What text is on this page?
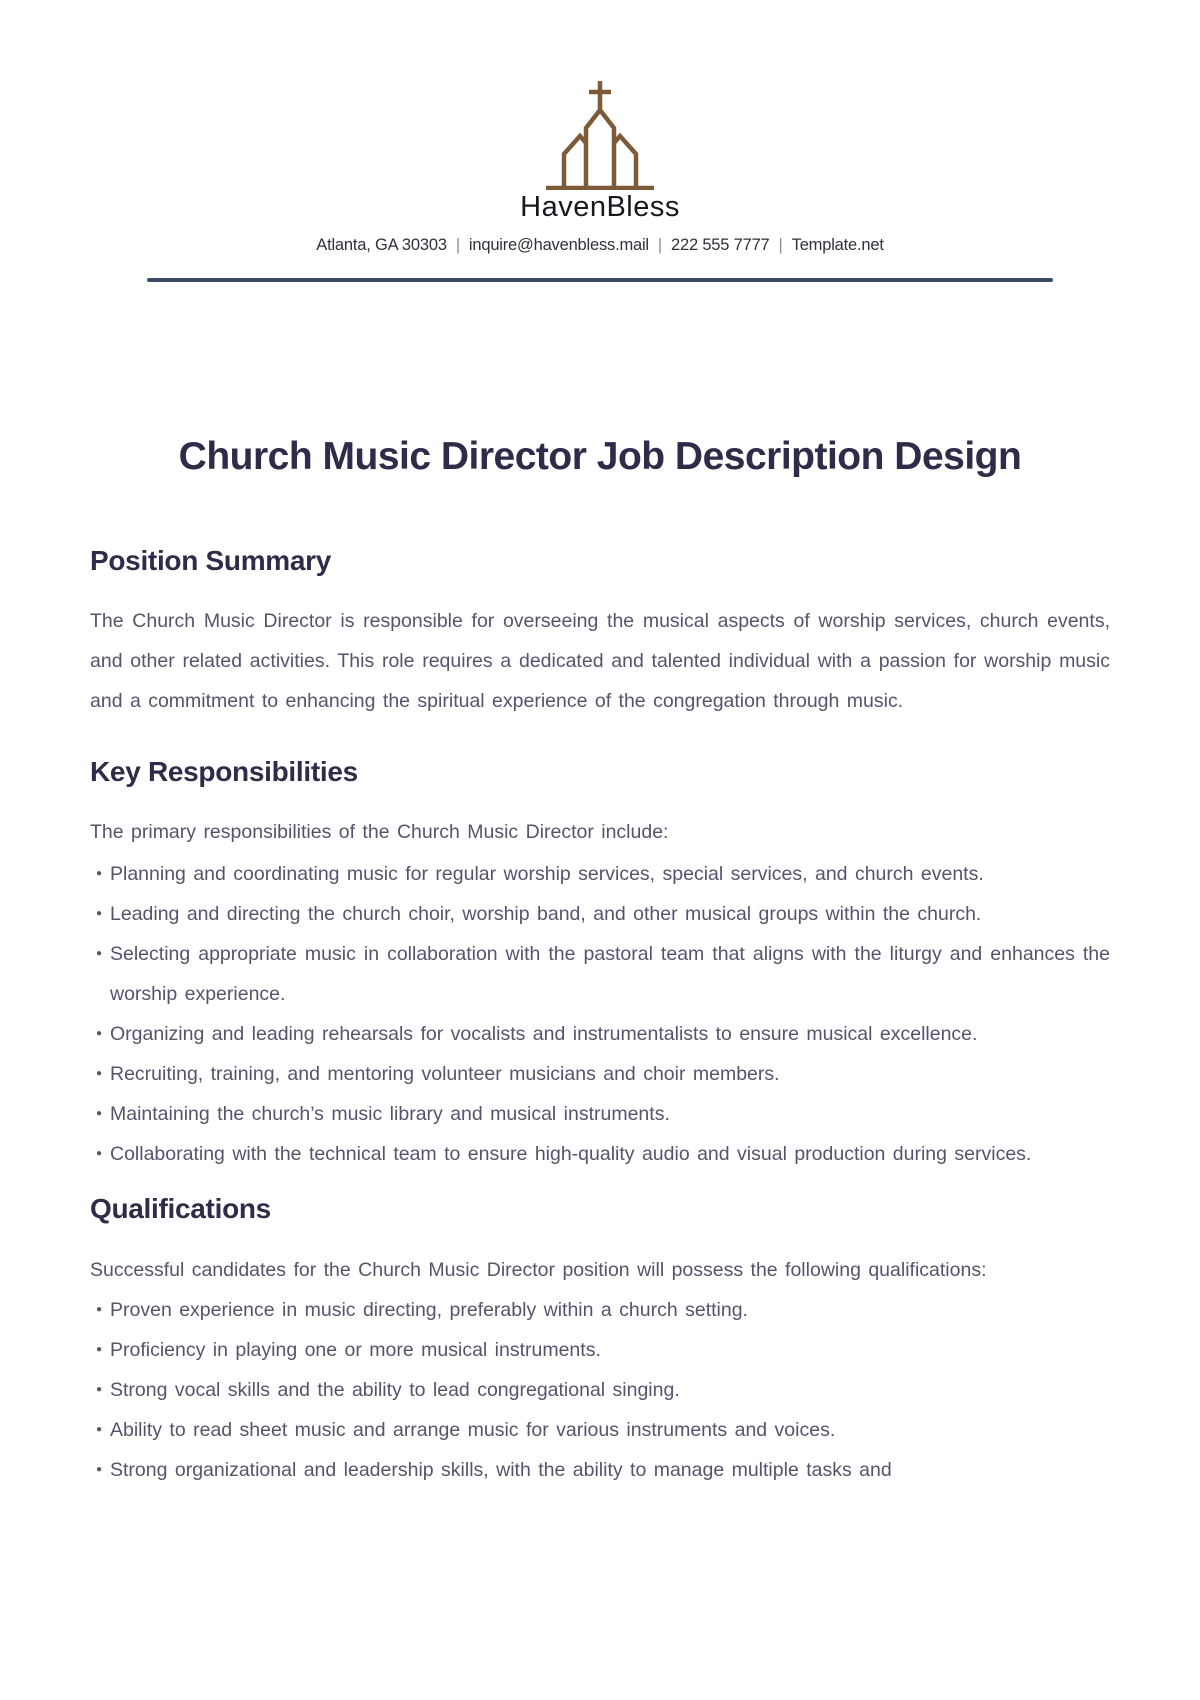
HavenBless
Atlanta, GA 30303 | inquire@havenbless.mail | 222 555 7777 | Template.net
Church Music Director Job Description Design
Position Summary

The Church Music Director is responsible for overseeing the musical aspects of worship services, church events, and other related activities. This role requires a dedicated and talented individual with a passion for worship music and a commitment to enhancing the spiritual experience of the congregation through music.

Key Responsibilities

The primary responsibilities of the Church Music Director include:

● Planning and coordinating music for regular worship services, special services, and church events.
● Leading and directing the church choir, worship band, and other musical groups within the church.
● Selecting appropriate music in collaboration with the pastoral team that aligns with the liturgy and enhances the worship experience.
● Organizing and leading rehearsals for vocalists and instrumentalists to ensure musical excellence.
● Recruiting, training, and mentoring volunteer musicians and choir members.
● Maintaining the church’s music library and musical instruments.
● Collaborating with the technical team to ensure high-quality audio and visual production during services.
Qualifications

Successful candidates for the Church Music Director position will possess the following qualifications:

● Proven experience in music directing, preferably within a church setting.
● Proficiency in playing one or more musical instruments.
● Strong vocal skills and the ability to lead congregational singing.
● Ability to read sheet music and arrange music for various instruments and voices.
● Strong organizational and leadership skills, with the ability to manage multiple tasks and
